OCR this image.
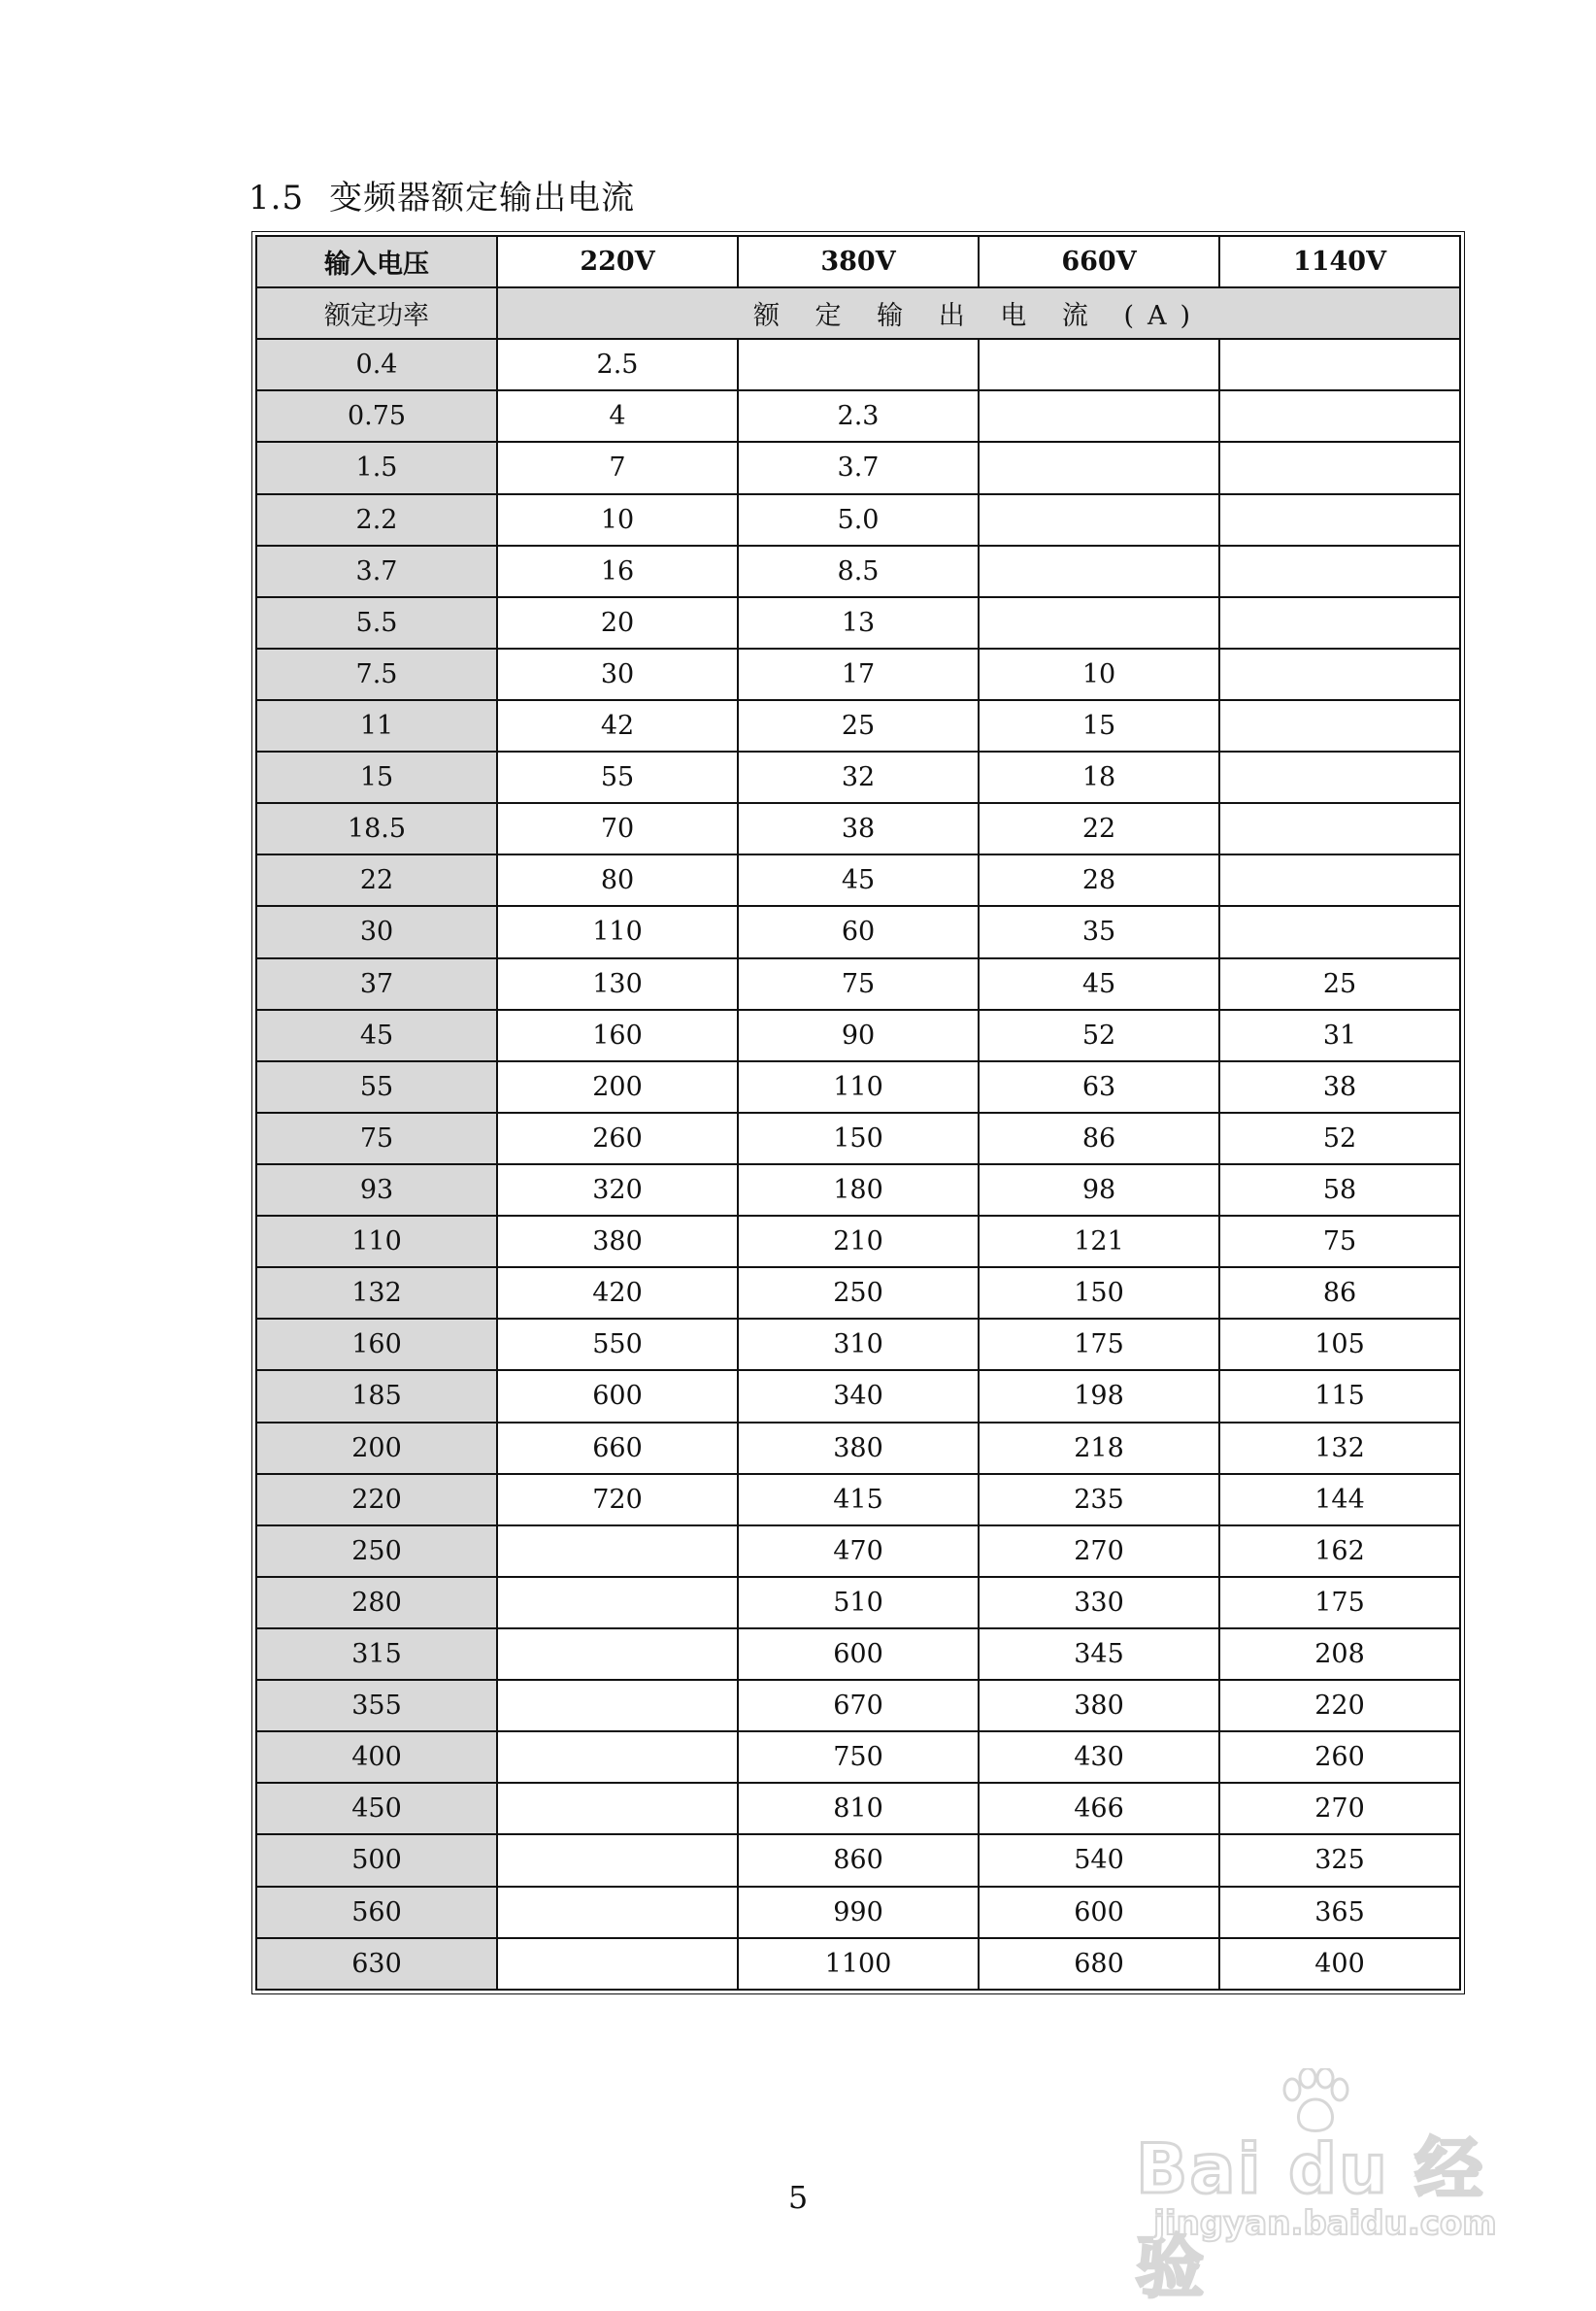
1.5 变频器额定输出电流
输入电压	220V	380V	660V	1140V
额定功率	额 定 输 出 电 流 (A)			
0.4	2.5			
0.75	4	2.3		
1.5	7	3.7		
2.2	10	5.0		
3.7	16	8.5		
5.5	20	13		
7.5	30	17	10	
11	42	25	15	
15	55	32	18	
18.5	70	38	22	
22	80	45	28	
30	110	60	35	
37	130	75	45	25
45	160	90	52	31
55	200	110	63	38
75	260	150	86	52
93	320	180	98	58
110	380	210	121	75
132	420	250	150	86
160	550	310	175	105
185	600	340	198	115
200	660	380	218	132
220	720	415	235	144
250		470	270	162
280		510	330	175
315		600	345	208
355		670	380	220
400		750	430	260
450		810	466	270
500		860	540	325
560		990	600	365
630		1100	680	400
5	Bai du 经验
jingyan.baidu.com
